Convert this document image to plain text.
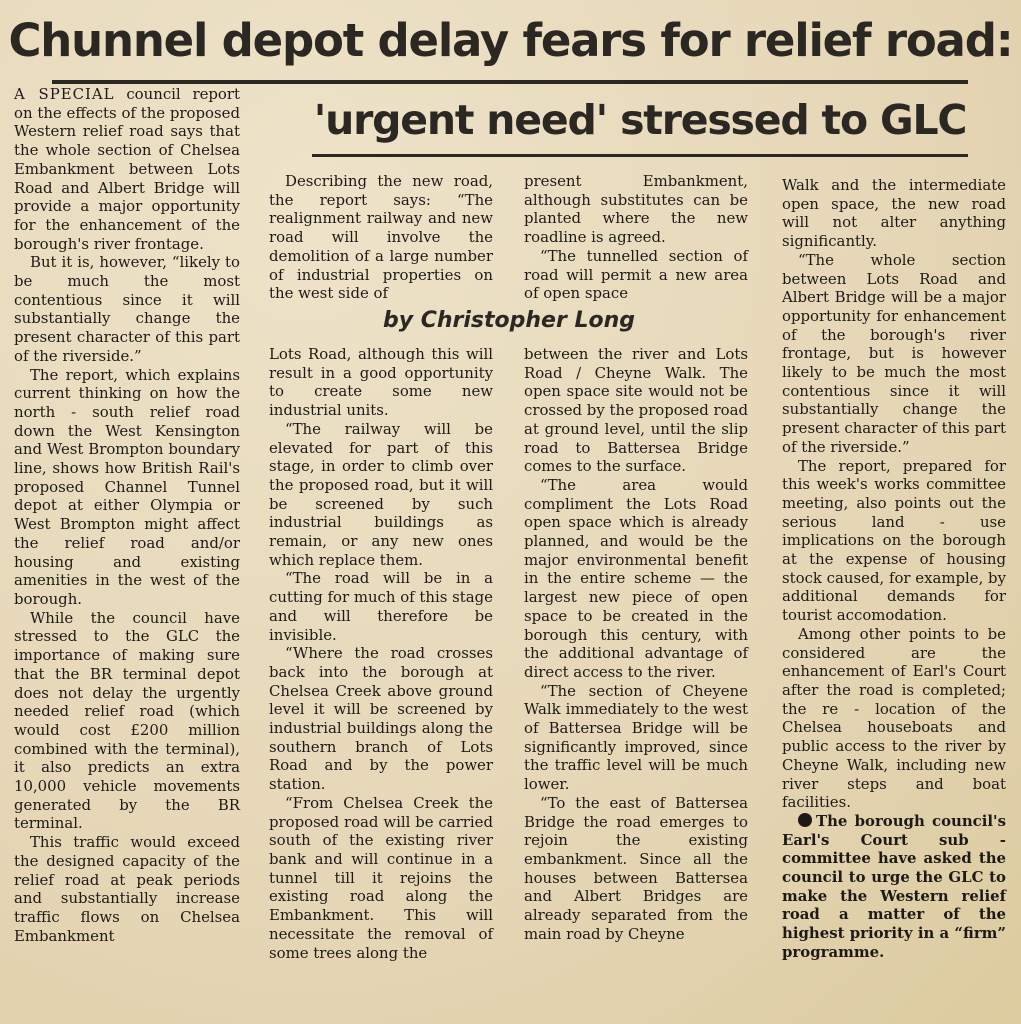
Chunnel depot delay fears for relief road:
'urgent need' stressed to GLC
by Christopher Long

A SPECIAL council report on the effects of the proposed Western relief road says that the whole section of Chelsea Embankment between Lots Road and Albert Bridge will provide a major opportunity for the enhancement of the borough's river frontage.

But it is, however, “likely to be much the most contentious since it will substantially change the present character of this part of the riverside.”

The report, which explains current thinking on how the north - south relief road down the West Kensington and West Brompton boundary line, shows how British Rail's proposed Channel Tunnel depot at either Olympia or West Brompton might affect the relief road and/or housing and existing amenities in the west of the borough.

While the council have stressed to the GLC the importance of making sure that the BR terminal depot does not delay the urgently needed relief road (which would cost £200 million combined with the terminal), it also predicts an extra 10,000 vehicle movements generated by the BR terminal.

This traffic would exceed the designed capacity of the relief road at peak periods and substantially increase traffic flows on Chelsea Embankment

Describing the new road, the report says: “The realignment railway and new road will involve the demolition of a large number of industrial properties on the west side of

Lots Road, although this will result in a good opportunity to create some new industrial units.

“The railway will be elevated for part of this stage, in order to climb over the proposed road, but it will be screened by such industrial buildings as remain, or any new ones which replace them.

“The road will be in a cutting for much of this stage and will therefore be invisible.

“Where the road crosses back into the borough at Chelsea Creek above ground level it will be screened by industrial buildings along the southern branch of Lots Road and by the power station.

“From Chelsea Creek the proposed road will be carried south of the existing river bank and will continue in a tunnel till it rejoins the existing road along the Embankment. This will necessitate the removal of some trees along the

present Embankment, although substitutes can be planted where the new roadline is agreed.

“The tunnelled section of road will permit a new area of open space

between the river and Lots Road / Cheyne Walk. The open space site would not be crossed by the proposed road at ground level, until the slip road to Battersea Bridge comes to the surface.

“The area would compliment the Lots Road open space which is already planned, and would be the major environmental benefit in the entire scheme — the largest new piece of open space to be created in the borough this century, with the additional advantage of direct access to the river.

“The section of Cheyene Walk immediately to the west of Battersea Bridge will be significantly improved, since the traffic level will be much lower.

“To the east of Battersea Bridge the road emerges to rejoin the existing embankment. Since all the houses between Battersea and Albert Bridges are already separated from the main road by Cheyne

Walk and the intermediate open space, the new road will not alter anything significantly.

“The whole section between Lots Road and Albert Bridge will be a major opportunity for enhancement of the borough's river frontage, but is however likely to be much the most contentious since it will substantially change the present character of this part of the riverside.”

The report, prepared for this week's works committee meeting, also points out the serious land - use implications on the borough at the expense of housing stock caused, for example, by additional demands for tourist accomodation.

Among other points to be considered are the enhancement of Earl's Court after the road is completed; the re - location of the Chelsea houseboats and public access to the river by Cheyne Walk, including new river steps and boat facilities.

The borough council's Earl's Court sub - committee have asked the council to urge the GLC to make the Western relief road a matter of the highest priority in a “firm” programme.
